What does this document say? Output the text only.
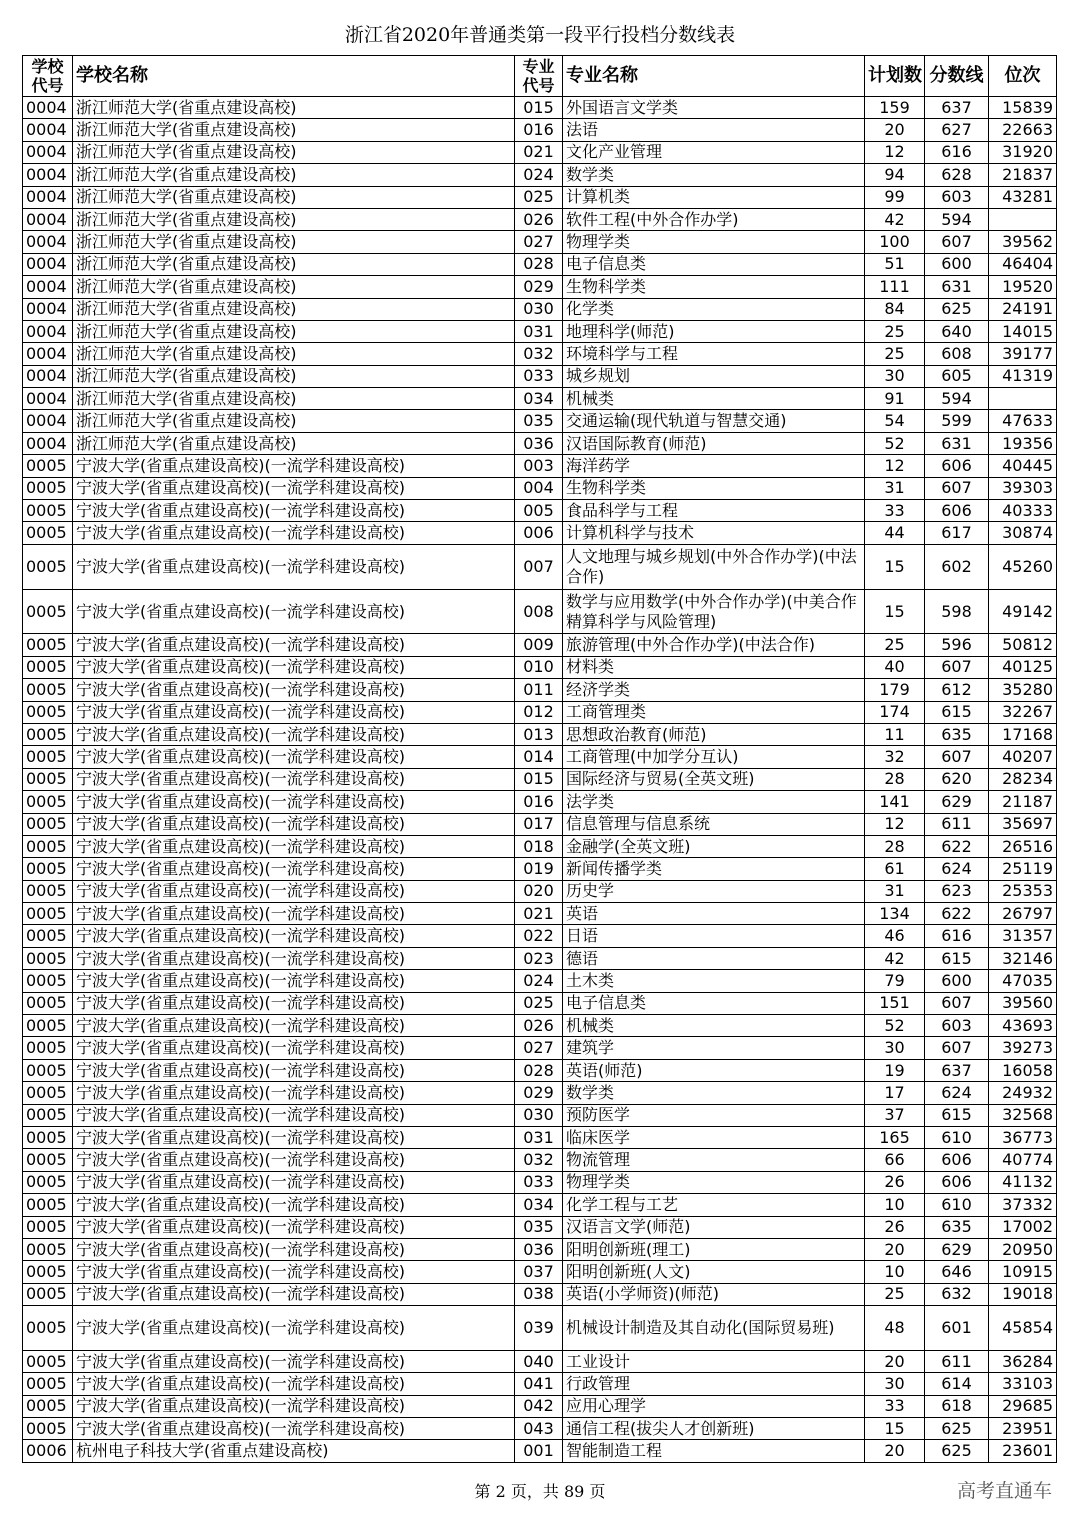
浙江省2020年普通类第一段平行投档分数线表
学校代号	学校名称	专业代号	专业名称	计划数	分数线	位次
0004	浙江师范大学(省重点建设高校)	015	外国语言文学类	159	637	15839
0004	浙江师范大学(省重点建设高校)	016	法语	20	627	22663
0004	浙江师范大学(省重点建设高校)	021	文化产业管理	12	616	31920
0004	浙江师范大学(省重点建设高校)	024	数学类	94	628	21837
0004	浙江师范大学(省重点建设高校)	025	计算机类	99	603	43281
0004	浙江师范大学(省重点建设高校)	026	软件工程(中外合作办学)	42	594	
0004	浙江师范大学(省重点建设高校)	027	物理学类	100	607	39562
0004	浙江师范大学(省重点建设高校)	028	电子信息类	51	600	46404
0004	浙江师范大学(省重点建设高校)	029	生物科学类	111	631	19520
0004	浙江师范大学(省重点建设高校)	030	化学类	84	625	24191
0004	浙江师范大学(省重点建设高校)	031	地理科学(师范)	25	640	14015
0004	浙江师范大学(省重点建设高校)	032	环境科学与工程	25	608	39177
0004	浙江师范大学(省重点建设高校)	033	城乡规划	30	605	41319
0004	浙江师范大学(省重点建设高校)	034	机械类	91	594	
0004	浙江师范大学(省重点建设高校)	035	交通运输(现代轨道与智慧交通)	54	599	47633
0004	浙江师范大学(省重点建设高校)	036	汉语国际教育(师范)	52	631	19356
0005	宁波大学(省重点建设高校)(一流学科建设高校)	003	海洋药学	12	606	40445
0005	宁波大学(省重点建设高校)(一流学科建设高校)	004	生物科学类	31	607	39303
0005	宁波大学(省重点建设高校)(一流学科建设高校)	005	食品科学与工程	33	606	40333
0005	宁波大学(省重点建设高校)(一流学科建设高校)	006	计算机科学与技术	44	617	30874
0005	宁波大学(省重点建设高校)(一流学科建设高校)	007	人文地理与城乡规划(中外合作办学)(中法合作)	15	602	45260
0005	宁波大学(省重点建设高校)(一流学科建设高校)	008	数学与应用数学(中外合作办学)(中美合作精算科学与风险管理)	15	598	49142
0005	宁波大学(省重点建设高校)(一流学科建设高校)	009	旅游管理(中外合作办学)(中法合作)	25	596	50812
0005	宁波大学(省重点建设高校)(一流学科建设高校)	010	材料类	40	607	40125
0005	宁波大学(省重点建设高校)(一流学科建设高校)	011	经济学类	179	612	35280
0005	宁波大学(省重点建设高校)(一流学科建设高校)	012	工商管理类	174	615	32267
0005	宁波大学(省重点建设高校)(一流学科建设高校)	013	思想政治教育(师范)	11	635	17168
0005	宁波大学(省重点建设高校)(一流学科建设高校)	014	工商管理(中加学分互认)	32	607	40207
0005	宁波大学(省重点建设高校)(一流学科建设高校)	015	国际经济与贸易(全英文班)	28	620	28234
0005	宁波大学(省重点建设高校)(一流学科建设高校)	016	法学类	141	629	21187
0005	宁波大学(省重点建设高校)(一流学科建设高校)	017	信息管理与信息系统	12	611	35697
0005	宁波大学(省重点建设高校)(一流学科建设高校)	018	金融学(全英文班)	28	622	26516
0005	宁波大学(省重点建设高校)(一流学科建设高校)	019	新闻传播学类	61	624	25119
0005	宁波大学(省重点建设高校)(一流学科建设高校)	020	历史学	31	623	25353
0005	宁波大学(省重点建设高校)(一流学科建设高校)	021	英语	134	622	26797
0005	宁波大学(省重点建设高校)(一流学科建设高校)	022	日语	46	616	31357
0005	宁波大学(省重点建设高校)(一流学科建设高校)	023	德语	42	615	32146
0005	宁波大学(省重点建设高校)(一流学科建设高校)	024	土木类	79	600	47035
0005	宁波大学(省重点建设高校)(一流学科建设高校)	025	电子信息类	151	607	39560
0005	宁波大学(省重点建设高校)(一流学科建设高校)	026	机械类	52	603	43693
0005	宁波大学(省重点建设高校)(一流学科建设高校)	027	建筑学	30	607	39273
0005	宁波大学(省重点建设高校)(一流学科建设高校)	028	英语(师范)	19	637	16058
0005	宁波大学(省重点建设高校)(一流学科建设高校)	029	数学类	17	624	24932
0005	宁波大学(省重点建设高校)(一流学科建设高校)	030	预防医学	37	615	32568
0005	宁波大学(省重点建设高校)(一流学科建设高校)	031	临床医学	165	610	36773
0005	宁波大学(省重点建设高校)(一流学科建设高校)	032	物流管理	66	606	40774
0005	宁波大学(省重点建设高校)(一流学科建设高校)	033	物理学类	26	606	41132
0005	宁波大学(省重点建设高校)(一流学科建设高校)	034	化学工程与工艺	10	610	37332
0005	宁波大学(省重点建设高校)(一流学科建设高校)	035	汉语言文学(师范)	26	635	17002
0005	宁波大学(省重点建设高校)(一流学科建设高校)	036	阳明创新班(理工)	20	629	20950
0005	宁波大学(省重点建设高校)(一流学科建设高校)	037	阳明创新班(人文)	10	646	10915
0005	宁波大学(省重点建设高校)(一流学科建设高校)	038	英语(小学师资)(师范)	25	632	19018
0005	宁波大学(省重点建设高校)(一流学科建设高校)	039	机械设计制造及其自动化(国际贸易班)	48	601	45854
0005	宁波大学(省重点建设高校)(一流学科建设高校)	040	工业设计	20	611	36284
0005	宁波大学(省重点建设高校)(一流学科建设高校)	041	行政管理	30	614	33103
0005	宁波大学(省重点建设高校)(一流学科建设高校)	042	应用心理学	33	618	29685
0005	宁波大学(省重点建设高校)(一流学科建设高校)	043	通信工程(拔尖人才创新班)	15	625	23951
0006	杭州电子科技大学(省重点建设高校)	001	智能制造工程	20	625	23601
第 2 页，共 89 页	高考直通车
